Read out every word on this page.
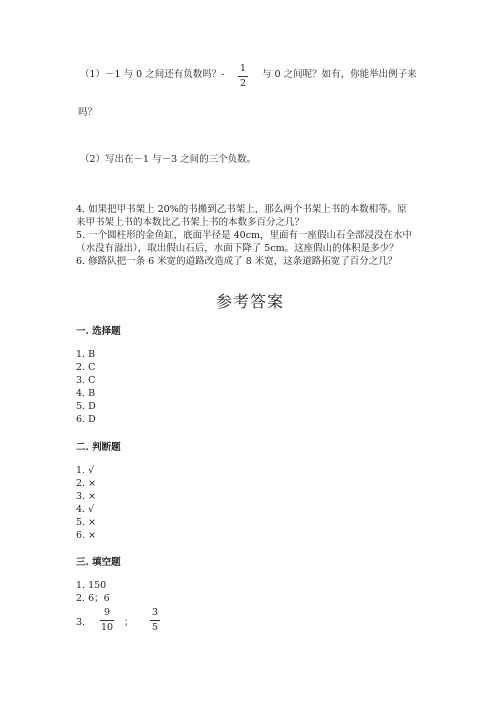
（1）－1 与 0 之间还有负数吗？-
1
2
与 0 之间呢？如有，你能举出例子来
吗？
（2）写出在－1 与－3 之间的三个负数。
4. 如果把甲书架上 20%的书搬到乙书架上，那么两个书架上书的本数相等。原
来甲书架上书的本数比乙书架上书的本数多百分之几？
5. 一个圆柱形的金鱼缸，底面半径是 40cm，里面有一座假山石全部浸没在水中
（水没有溢出），取出假山石后，水面下降了 5cm。这座假山的体积是多少？
6. 修路队把一条 6 米宽的道路改造成了 8 米宽，这条道路拓宽了百分之几？
参考答案
一. 选择题
1. B
2. C
3. C
4. B
5. D
6. D
二. 判断题
1. √
2. ×
3. ×
4. √
5. ×
6. ×
三. 填空题
1. 150
2. 6；6
3.
9
10 ；
3
5
